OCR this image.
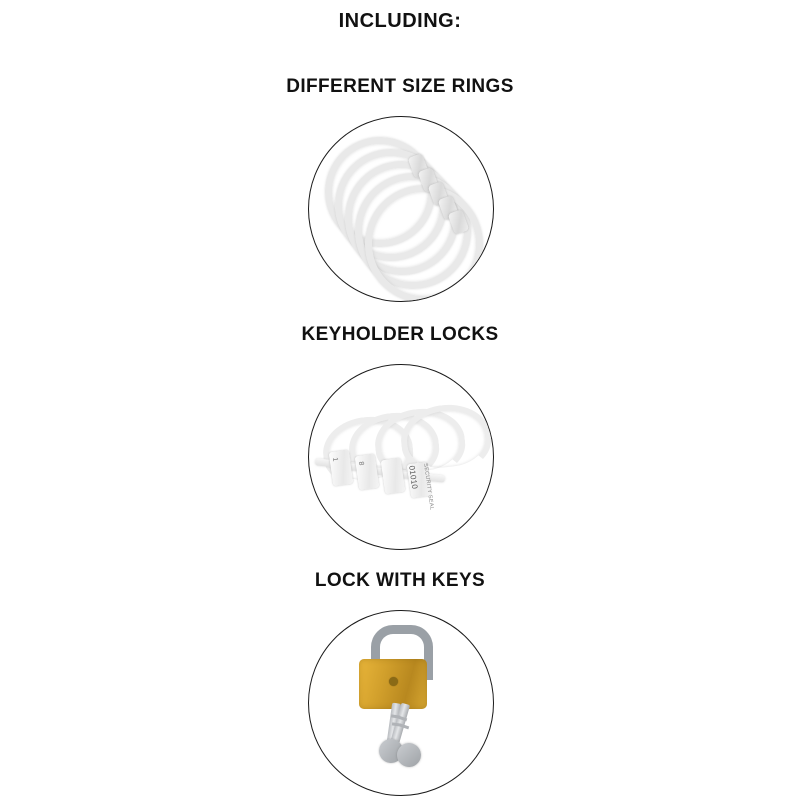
INCLUDING:
DIFFERENT SIZE RINGS
KEYHOLDER LOCKS
1
8
01010 SECURITY SEAL
LOCK WITH KEYS
